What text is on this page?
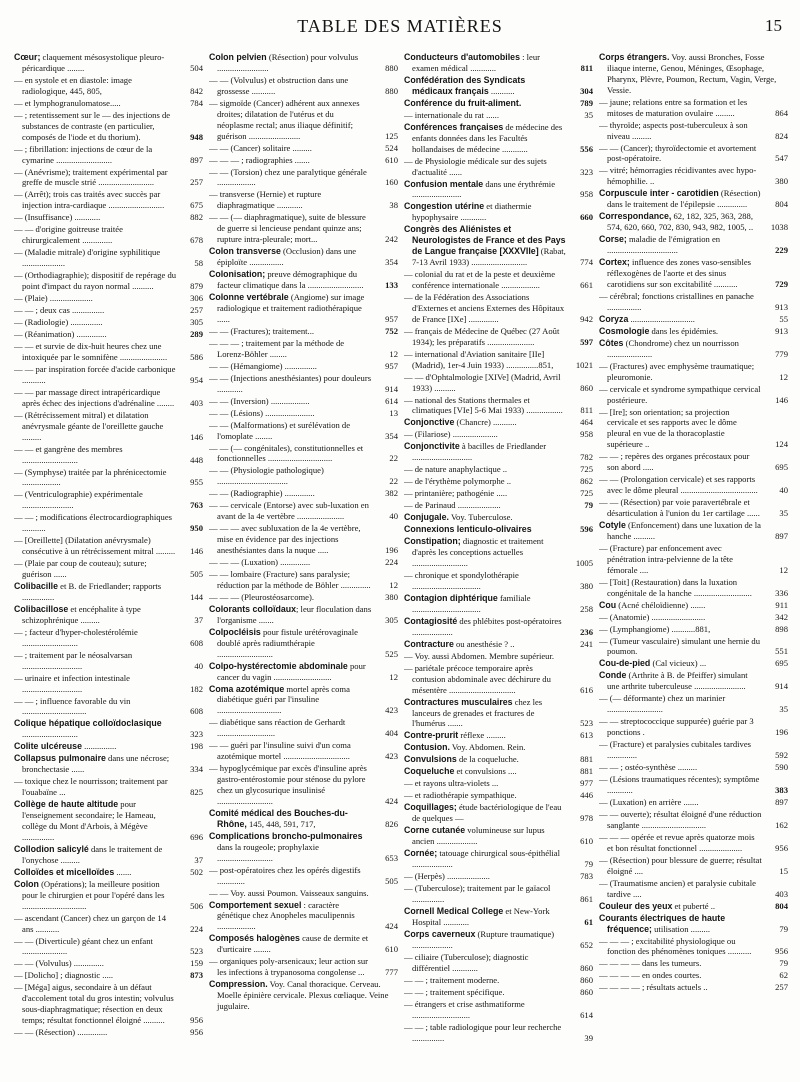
TABLE DES MATIÈRES	15
Cœur; claquement mésosystolique pleuro-péricardique ........	504
— en systole et en diastole: image radiologique, 445, 805,	842
— et lymphogranulomatose.....	784
— ; retentissement sur le — des injections de substances de contraste (en particulier, composés de l'iode et du thorium).	948
— ; fibrillation: injections de cœur de la cymarine ..........................	897
— (Anévrisme); traitement expérimental par greffe de muscle strié ..........................	257
— (Arrêt); trois cas traités avec succès par injection intra-cardiaque ..........................	675
— (Insuffisance) ............	882
— — d'origine goitreuse traitée chirurgicalement ..............	678
— (Maladie mitrale) d'origine syphilitique ....................	58
— (Orthodiagraphie); dispositif de repérage du point d'impact du rayon normal ..........	879
— (Plaie) ....................	306
— — ; deux cas ...............	257
— (Radiologie) ...............	305
— (Réanimation) ..............	289
— — et survie de dix-huit heures chez une intoxiquée par le somnifène ......................	586
— — par inspiration forcée d'acide carbonique ...........	954
— — par massage direct intrapéricardique après échec des injections d'adrénaline ........ 403
— (Rétrécissement mitral) et dilatation anévrysmale géante de l'oreillette gauche .........	146
— — et gangrène des membres ..........................	448
— (Symphyse) traitée par la phrénicectomie ..................	955
— (Ventriculographie) expérimentale ........................	763
— — ; modifications électrocardiographiques ...........	950
— [Oreillette] (Dilatation anévrysmale) consécutive à un rétrécissement mitral ......... 146
— (Plaie par coup de couteau); suture; guérison ......	505
Colibacille et B. de Friedlander; rapports ...............	144
Colibacillose et encéphalite à type schizophrénique .........	37
— ; facteur d'hyper-cholestérolémie ..........................	608
— ; traitement par le néosalvarsan ............................	40
— urinaire et infection intestinale ............................	182
— — ; influence favorable du vin ..............................	608
Colique hépatique colloïdoclasique ..........................	323
Colite ulcéreuse ...............	198
Collapsus pulmonaire dans une nécrose; bronchectasie ......	334
— toxique chez le nourrisson; traitement par l'ouabaïne ...	825
Collège de haute altitude pour l'enseignement secondaire; le Hameau, collège du Mont d'Arbois, à Mégève ...............	696
Collodion salicylé dans le traitement de l'onychose .........	37
Colloïdes et micelloïdes .......	502
Colon (Opérations); la meilleure position pour le chirurgien et pour l'opéré dans les ..............................	506
— ascendant (Cancer) chez un garçon de 14 ans ...........	224
— — (Diverticule) géant chez un enfant .....................	523
— — (Volvulus) ..............	159
— [Dolicho] ; diagnostic .....	873
— [Méga] aigus, secondaire à un défaut d'accolement total du gros intestin; volvulus sous-diaphragmatique; résection en deux temps; résultat fonctionnel éloigné ..........	956
— — (Résection) ..............	956
Colon pelvien (Résection) pour volvulus ........................	880
— — (Volvulus) et obstruction dans une grossesse ...........	880
— sigmoïde (Cancer) adhérent aux annexes droites; dilatation de l'utérus et du néoplasme rectal; anus iliaque définitif; guérison ........................	125
— — (Cancer) solitaire .........	524
— — — ; radiographies .......	610
— — (Torsion) chez une paralytique générale ..................	160
— transverse (Hernie) et rupture diaphragmatique ............	38
— — (— diaphragmatique), suite de blessure de guerre si lencieuse pendant quinze ans; rupture intra-pleurale; mort...	242
Colon transverse (Occlusion) dans une épiploïte ................	354
Colonisation; preuve démographique du facteur climatique dans la ..........................	133
Colonne vertébrale (Angiome) sur image radiologique et traitement radiothérapique ......	957
— — (Fractures); traitement...	752
— — — ; traitement par la méthode de Lorenz-Böhler ........	12
— — (Hémangiome) ...............	957
— — (Injections anesthésiantes) pour douleurs ............	914
— — (Inversion) ..................	614
— — (Lésions) .......................	13
— — (Malformations) et surélévation de l'omoplate ........	354
— — (— congénitales), constitutionnelles et fonctionnelles ..............................	22
— — (Physiologie pathologique) .................................	22
— — (Radiographie) ..............	382
— — cervicale (Entorse) avec sub-luxation en avant de la 4e vertèbre ......................	40
— — — avec subluxation de la 4e vertèbre, mise en évidence par des injections anesthésiantes dans la nuque .....	196
— — — (Luxation) ..............	224
— — lombaire (Fracture) sans paralysie; réduction par la méthode de Böhler .............. 12
— — — (Pleurostéosarcome).	380
Colorants colloïdaux; leur floculation dans l'organisme .......	305
Colpocléisis pour fistule urétérovaginale doublé après radiumthérapie ..........................	525
Colpo-hystérectomie abdominale pour cancer du vagin ...........................	12
Coma azotémique mortel après coma diabétique guéri par l'insuline ..............................	423
— diabétique sans réaction de Gerhardt ...........................	404
— — guéri par l'insuline suivi d'un coma azotémique mortel ...............................	423
— hypoglycémique par excès d'insuline après gastro-entérostomie pour sténose du pylore chez un glycosurique insulinisé ..........................	424
Comité médical des Bouches-du-Rhône, 145, 448, 591, 717,	826
Complications broncho-pulmonaires dans la rougeole; prophylaxie ..........................	653
— post-opératoires chez les opérés digestifs .............	505
— — Voy. aussi Poumon. Vaisseaux sanguins.
Comportement sexuel : caractère génétique chez Anopheles maculipennis ..................	424
Composés halogènes cause de dermite et d'urticaire ........	610
— organiques poly-arsenicaux; leur action sur les infections à trypanosoma congolense ... 777
Compression. Voy. Canal thoracique. Cerveau. Moelle épinière cervicale. Plexus cœliaque. Veine jugulaire.
Conducteurs d'automobiles : leur examen médical ............	811
Confédération des Syndicats médicaux français ...........	304
Conférence du fruit-aliment.	789
— internationale du rat ......	35
Conférences françaises de médecine des enfants données dans les Facultés hollandaises de médecine ............	556
— de Physiologie médicale sur des sujets d'actualité ......	323
Confusion mentale dans une érythrémie .......................	958
Congestion utérine et diathermie hypophysaire ............	660
Congrès des Aliénistes et Neurologistes de France et des Pays de Langue française [XXXVIIe] (Rabat, 7-13 Avril 1933) ..........................	774
— colonial du rat et de la peste et deuxième conférence internationale ..................	661
— de la Fédération des Associations d'Externes et anciens Externes des Hôpitaux de France [IXe] ..............	942
— français de Médecine de Québec (27 Août 1934); les préparatifs ......................	597
— international d'Aviation sanitaire [IIe] (Madrid), 1er-4 Juin 1933) ...............851,	1021
— — d'Ophtalmologie [XIVe] (Madrid, Avril 1933) ..........	860
— national des Stations thermales et climatiques [VIe] 5-6 Mai 1933) ................. 811
Conjonctive (Chancre) ...........	464
— (Filariose) .....................	958
Conjonctivite à bacilles de Friedlander ............................	782
— de nature anaphylactique ..	725
— de l'érythème polymorphe ..	862
— printanière; pathogénie .....	725
— de Parinaud ....................	79
Conjugale. Voy. Tuberculose.
Connexions lenticulo-olivaires	596
Constipation; diagnostic et traitement d'après les conceptions actuelles ..........................	1005
— chronique et spondylothérapie ................................	380
Contagion diphtérique familiale ................................	258
Contagiosité des phlébites post-opératoires ...................	236
Contracture ou anesthésie ? ..	241
— Voy. aussi Abdomen. Membre supérieur.
— pariétale précoce temporaire après contusion abdominale avec déchirure du mésentère ...............................	616
Contractures musculaires chez les lanceurs de grenades et fractures de l'humérus .......	523
Contre-prurit réflexe .........	613
Contusion. Voy. Abdomen. Rein.
Convulsions de la coqueluche.	881
Coqueluche et convulsions ....	881
— et rayons ultra-violets ...	977
— et radiothérapie sympathique.	446
Coquillages; étude bactériologique de l'eau de quelques —	978
Corne cutanée volumineuse sur lupus ancien ...................	610
Cornée; tatouage chirurgical sous-épithélial ...................	79
— (Herpès) ....................	783
— (Tuberculose); traitement par le gaïacol ...............	861
Cornell Medical College et New-York Hospital ............	61
Corps caverneux (Rupture traumatique) ...................	652
— ciliaire (Tuberculose); diagnostic différentiel ............	860
— — ; traitement moderne.	860
— — ; traitement spécifique.	860
— étrangers et crise asthmatiforme ...........................	614
— — ; table radiologique pour leur recherche ...............	39
Corps étrangers. Voy. aussi Bronches, Fosse iliaque interne, Genou, Méninges, Œsophage, Pharynx, Plèvre, Poumon, Rectum, Vagin, Verge, Vessie.
— jaune; relations entre sa formation et les mitoses de maturation ovulaire .........	864
— thyroïde; aspects post-tuberculeux à son niveau .........	824
— — (Cancer); thyroïdectomie et avortement post-opératoire.	547
— vitré; hémorragies récidivantes avec hypo-hémophilie. ..	380
Corpuscule inter - carotidien (Résection) dans le traitement de l'épilepsie ..............	804
Correspondance, 62, 182, 325, 363, 288, 574, 620, 660, 702, 830, 943, 982, 1005, .. 1038
Corse; maladie de l'émigration en .................................	229
Cortex; influence des zones vaso-sensibles réflexogènes de l'aorte et des sinus carotidiens sur son excitabilité ...........	729
— cérébral; fonctions cristallines en panache ................	913
Coryza ..............................	55
Cosmologie dans les épidémies.	913
Côtes (Chondrome) chez un nourrisson .....................	779
— (Fractures) avec emphysème traumatique; pleuromonie.	12
— cervicale et syndrome sympathique cervical postérieure.	146
— [Ire]; son orientation; sa projection cervicale et ses rapports avec le dôme pleural en vue de la thoracoplastie supérieure ..	124
— — ; repères des organes précostaux pour son abord .....	695
— — (Prolongation cervicale) et ses rapports avec le dôme pleural ....................................	40
— — (Résection) par voie paravertébrale et désarticulation à l'union du 1er cartilage ...... 35
Cotyle (Enfoncement) dans une luxation de la hanche ..........	897
— (Fracture) par enfoncement avec pénétration intra-pelvienne de la tête fémorale ....	12
— [Toit] (Restauration) dans la luxation congénitale de la hanche ...........................	336
Cou (Acné chéloïdienne) .......	911
— (Anatomie) .........................	342
— (Lymphangiome) ...........881,	898
— (Tumeur vasculaire) simulant une hernie du poumon.	551
Cou-de-pied (Cal vicieux) ...	695
Conde (Arthrite à B. de Pfeiffer) simulant une arthrite tuberculeuse ........................	914
— (— déformante) chez un marinier ..........................	35
— — streptococcique suppurée) guérie par 3 ponctions .	196
— (Fracture) et paralysies cubitales tardives ..............	592
— — ; ostéo-synthèse .........	590
— (Lésions traumatiques récentes); symptôme ............	383
— (Luxation) en arrière .......	897
— — ouverte); résultat éloigné d'une réduction sanglante ..............................	162
— — — opérée et revue après quatorze mois et bon résultat fonctionnel ....................	956
— (Résection) pour blessure de guerre; résultat éloigné ....	15
— (Traumatisme ancien) et paralysie cubitale tardive ....	403
Couleur des yeux et puberté ..	804
Courants électriques de haute fréquence; utilisation .........	79
— — — ; excitabilité physiologique ou fonction des phénomènes toniques ...........	956
— — — — dans les tumeurs.	79
— — — — en ondes courtes.	62
— — — — ; résultats actuels ..	257
